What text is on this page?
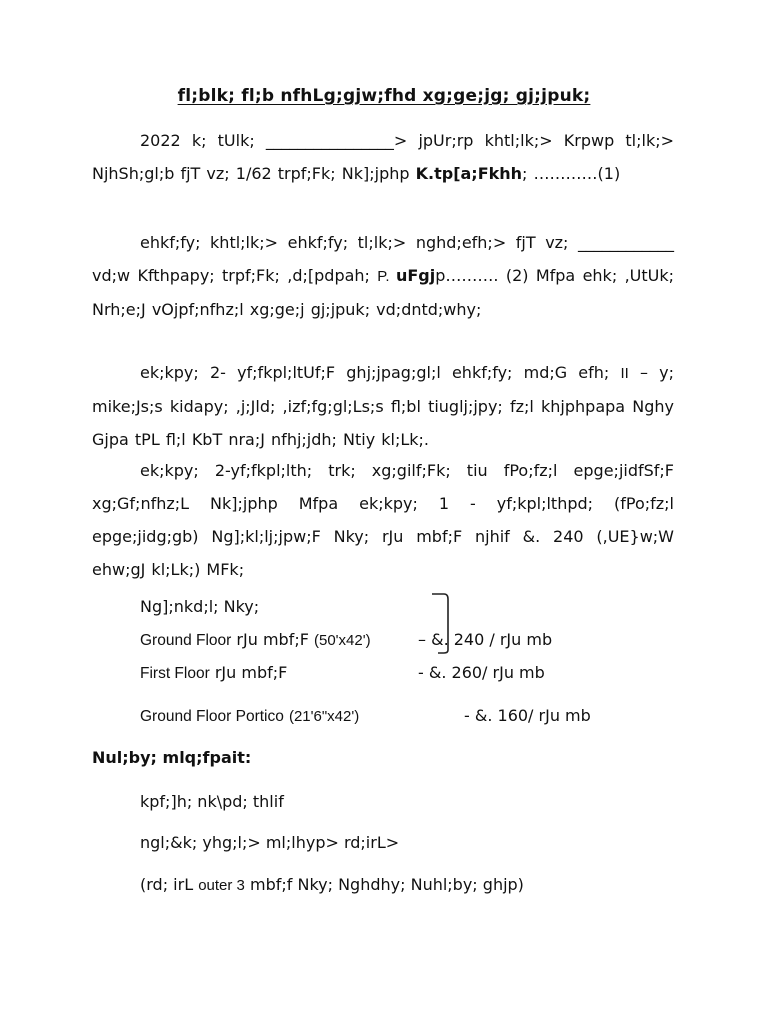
fl;blk; fl;b nfhLg;gjw;fhd xg;ge;jg; gj;jpuk;
2022 k; tUlk; ________________> jpUr;rp khtl;lk;> Krpwp tl;lk;> NjhSh;gl;b fjT vz; 1/62 trpf;Fk; Nk];jphp K.tp[a;Fkhh; …………(1)
ehkf;fy; khtl;lk;> ehkf;fy; tl;lk;> nghd;efh;> fjT vz; ____________ vd;w Kfthpapy; trpf;Fk; ,d;[pdpah; P. uFgjp………. (2) Mfpa ehk; ,UtUk; Nrh;e;J vOjpf;nfhz;l xg;ge;j gj;jpuk; vd;dntd;why;
ek;kpy; 2- yf;fkpl;ltUf;F ghj;jpag;gl;l ehkf;fy; md;G efh; II – y; mike;Js;s kidapy; ,j;Jld; ,izf;fg;gl;Ls;s fl;bl tiuglj;jpy; fz;l khjphpapa Nghy Gjpa tPL fl;l KbT nra;J nfhj;jdh; Ntiy kl;Lk;.
ek;kpy; 2-yf;fkpl;lth; trk; xg;gilf;Fk; tiu fPo;fz;l epge;jidfSf;F xg;Gf;nfhz;L Nk];jphp Mfpa ek;kpy; 1 - yf;kpl;lthpd; (fPo;fz;l epge;jidg;gb) Ng];kl;lj;jpw;F Nky; rJu mbf;F njhif &. 240 (,UE}w;W ehw;gJ kl;Lk;) MFk;
Ng];nkd;l; Nky;
Ground Floor rJu mbf;F (50'x42')	– &. 240 / rJu mb
First Floor rJu mbf;F	- &. 260/ rJu mb
Ground Floor Portico (21'6"x42')	- &. 160/ rJu mb
Nul;by; mlq;fpait:
kpf;]h; nk\pd; thlif
ngl;&k; yhg;l;> ml;lhyp> rd;irL>
(rd; irL outer 3 mbf;f Nky; Nghdhy; Nuhl;by; ghjp)
